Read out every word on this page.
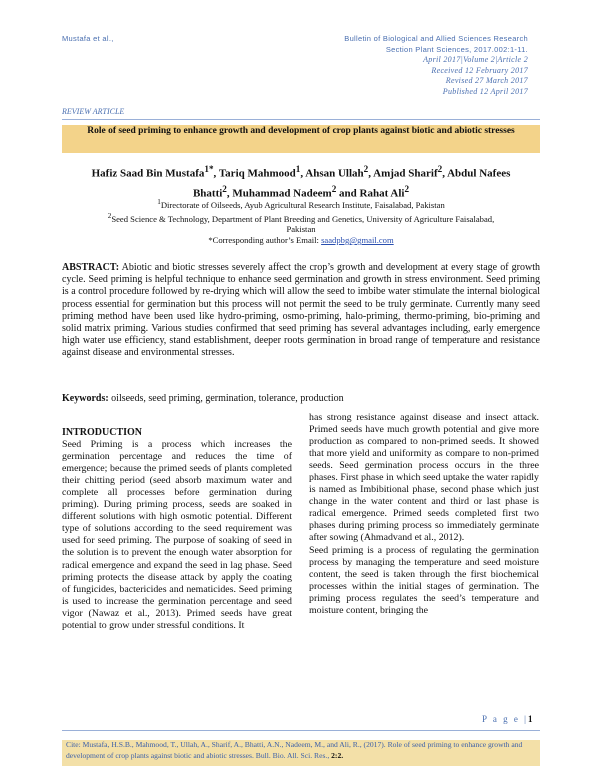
Mustafa et al.,	Bulletin of Biological and Allied Sciences Research
Section Plant Sciences, 2017.002:1-11.
April 2017|Volume 2|Article 2
Received 12 February 2017
Revised 27 March 2017
Published 12 April 2017
REVIEW ARTICLE
Role of seed priming to enhance growth and development of crop plants against biotic and abiotic stresses
Hafiz Saad Bin Mustafa$^{1*}$, Tariq Mahmood$^1$, Ahsan Ullah$^2$, Amjad Sharif$^2$, Abdul Nafees
Bhatti$^2$, Muhammad Nadeem$^2$ and Rahat Ali$^2$
$^1$Directorate of Oilseeds, Ayub Agricultural Research Institute, Faisalabad, Pakistan
$^2$Seed Science & Technology, Department of Plant Breeding and Genetics, University of Agriculture Faisalabad,
Pakistan
*Corresponding author’s Email: saadpbg@gmail.com
ABSTRACT: Abiotic and biotic stresses severely affect the crop’s growth and development at every stage of growth cycle. Seed priming is helpful technique to enhance seed germination and growth in stress environment. Seed priming is a control procedure followed by re-drying which will allow the seed to imbibe water stimulate the internal biological process essential for germination but this process will not permit the seed to be truly germinate. Currently many seed priming method have been used like hydro-priming, osmo-priming, halo-priming, thermo-priming, bio-priming and solid matrix priming. Various studies confirmed that seed priming has several advantages including, early emergence high water use efficiency, stand establishment, deeper roots germination in broad range of temperature and resistance against disease and environmental stresses.
Keywords: oilseeds, seed priming, germination, tolerance, production

INTRODUCTION

Seed Priming is a process which increases the germination percentage and reduces the time of emergence; because the primed seeds of plants completed their chitting period (seed absorb maximum water and complete all processes before germination during priming). During priming process, seeds are soaked in different solutions with high osmotic potential. Different type of solutions according to the seed requirement was used for seed priming. The purpose of soaking of seed in the solution is to prevent the enough water absorption for radical emergence and expand the seed in lag phase. Seed priming protects the disease attack by apply the coating of fungicides, bactericides and nematicides. Seed priming is used to increase the germination percentage and seed vigor (Nawaz et al., 2013). Primed seeds have great potential to grow under stressful conditions. It

has strong resistance against disease and insect attack. Primed seeds have much growth potential and give more production as compared to non-primed seeds. It showed that more yield and uniformity as compare to non-primed seeds. Seed germination process occurs in the three phases. First phase in which seed uptake the water rapidly is named as Imbibitional phase, second phase which just change in the water content and third or last phase is radical emergence. Primed seeds completed first two phases during priming process so immediately germinate after sowing (Ahmadvand et al., 2012).

Seed priming is a process of regulating the germination process by managing the temperature and seed moisture content, the seed is taken through the first biochemical processes within the initial stages of germination. The priming process regulates the seed’s temperature and moisture content, bringing the

P a g e |1
Cite: Mustafa, H.S.B., Mahmood, T., Ullah, A., Sharif, A., Bhatti, A.N., Nadeem, M., and Ali, R., (2017). Role of seed priming to enhance growth and development of crop plants against biotic and abiotic stresses. Bull. Bio. All. Sci. Res., 2:2.
